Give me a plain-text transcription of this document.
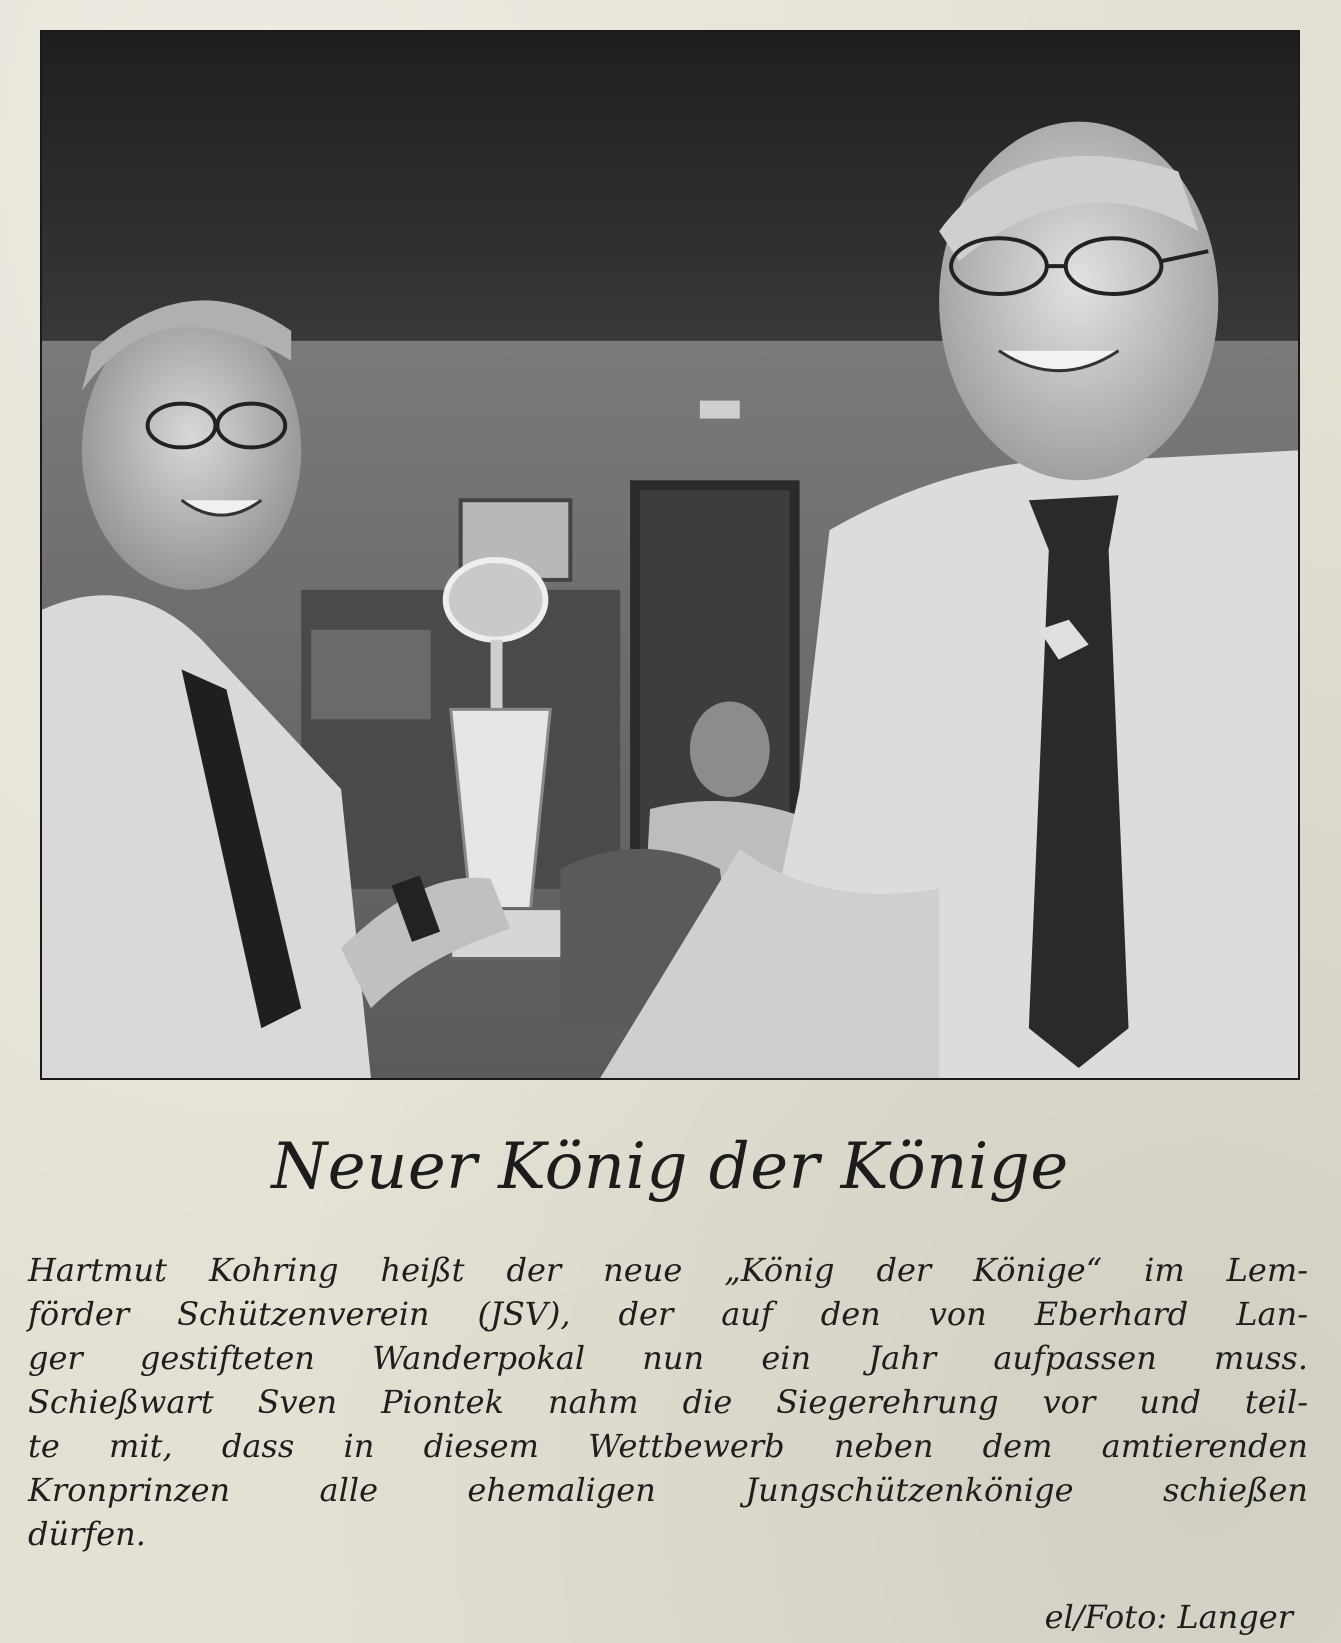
Neuer König der Könige

Hartmut Kohring heißt der neue „König der Könige“ im Lem-
förder Schützenverein (JSV), der auf den von Eberhard Lan-
ger gestifteten Wanderpokal nun ein Jahr aufpassen muss.
Schießwart Sven Piontek nahm die Siegerehrung vor und teil-
te mit, dass in diesem Wettbewerb neben dem amtierenden
Kronprinzen alle ehemaligen Jungschützenkönige schießen
dürfen.

el/Foto: Langer
